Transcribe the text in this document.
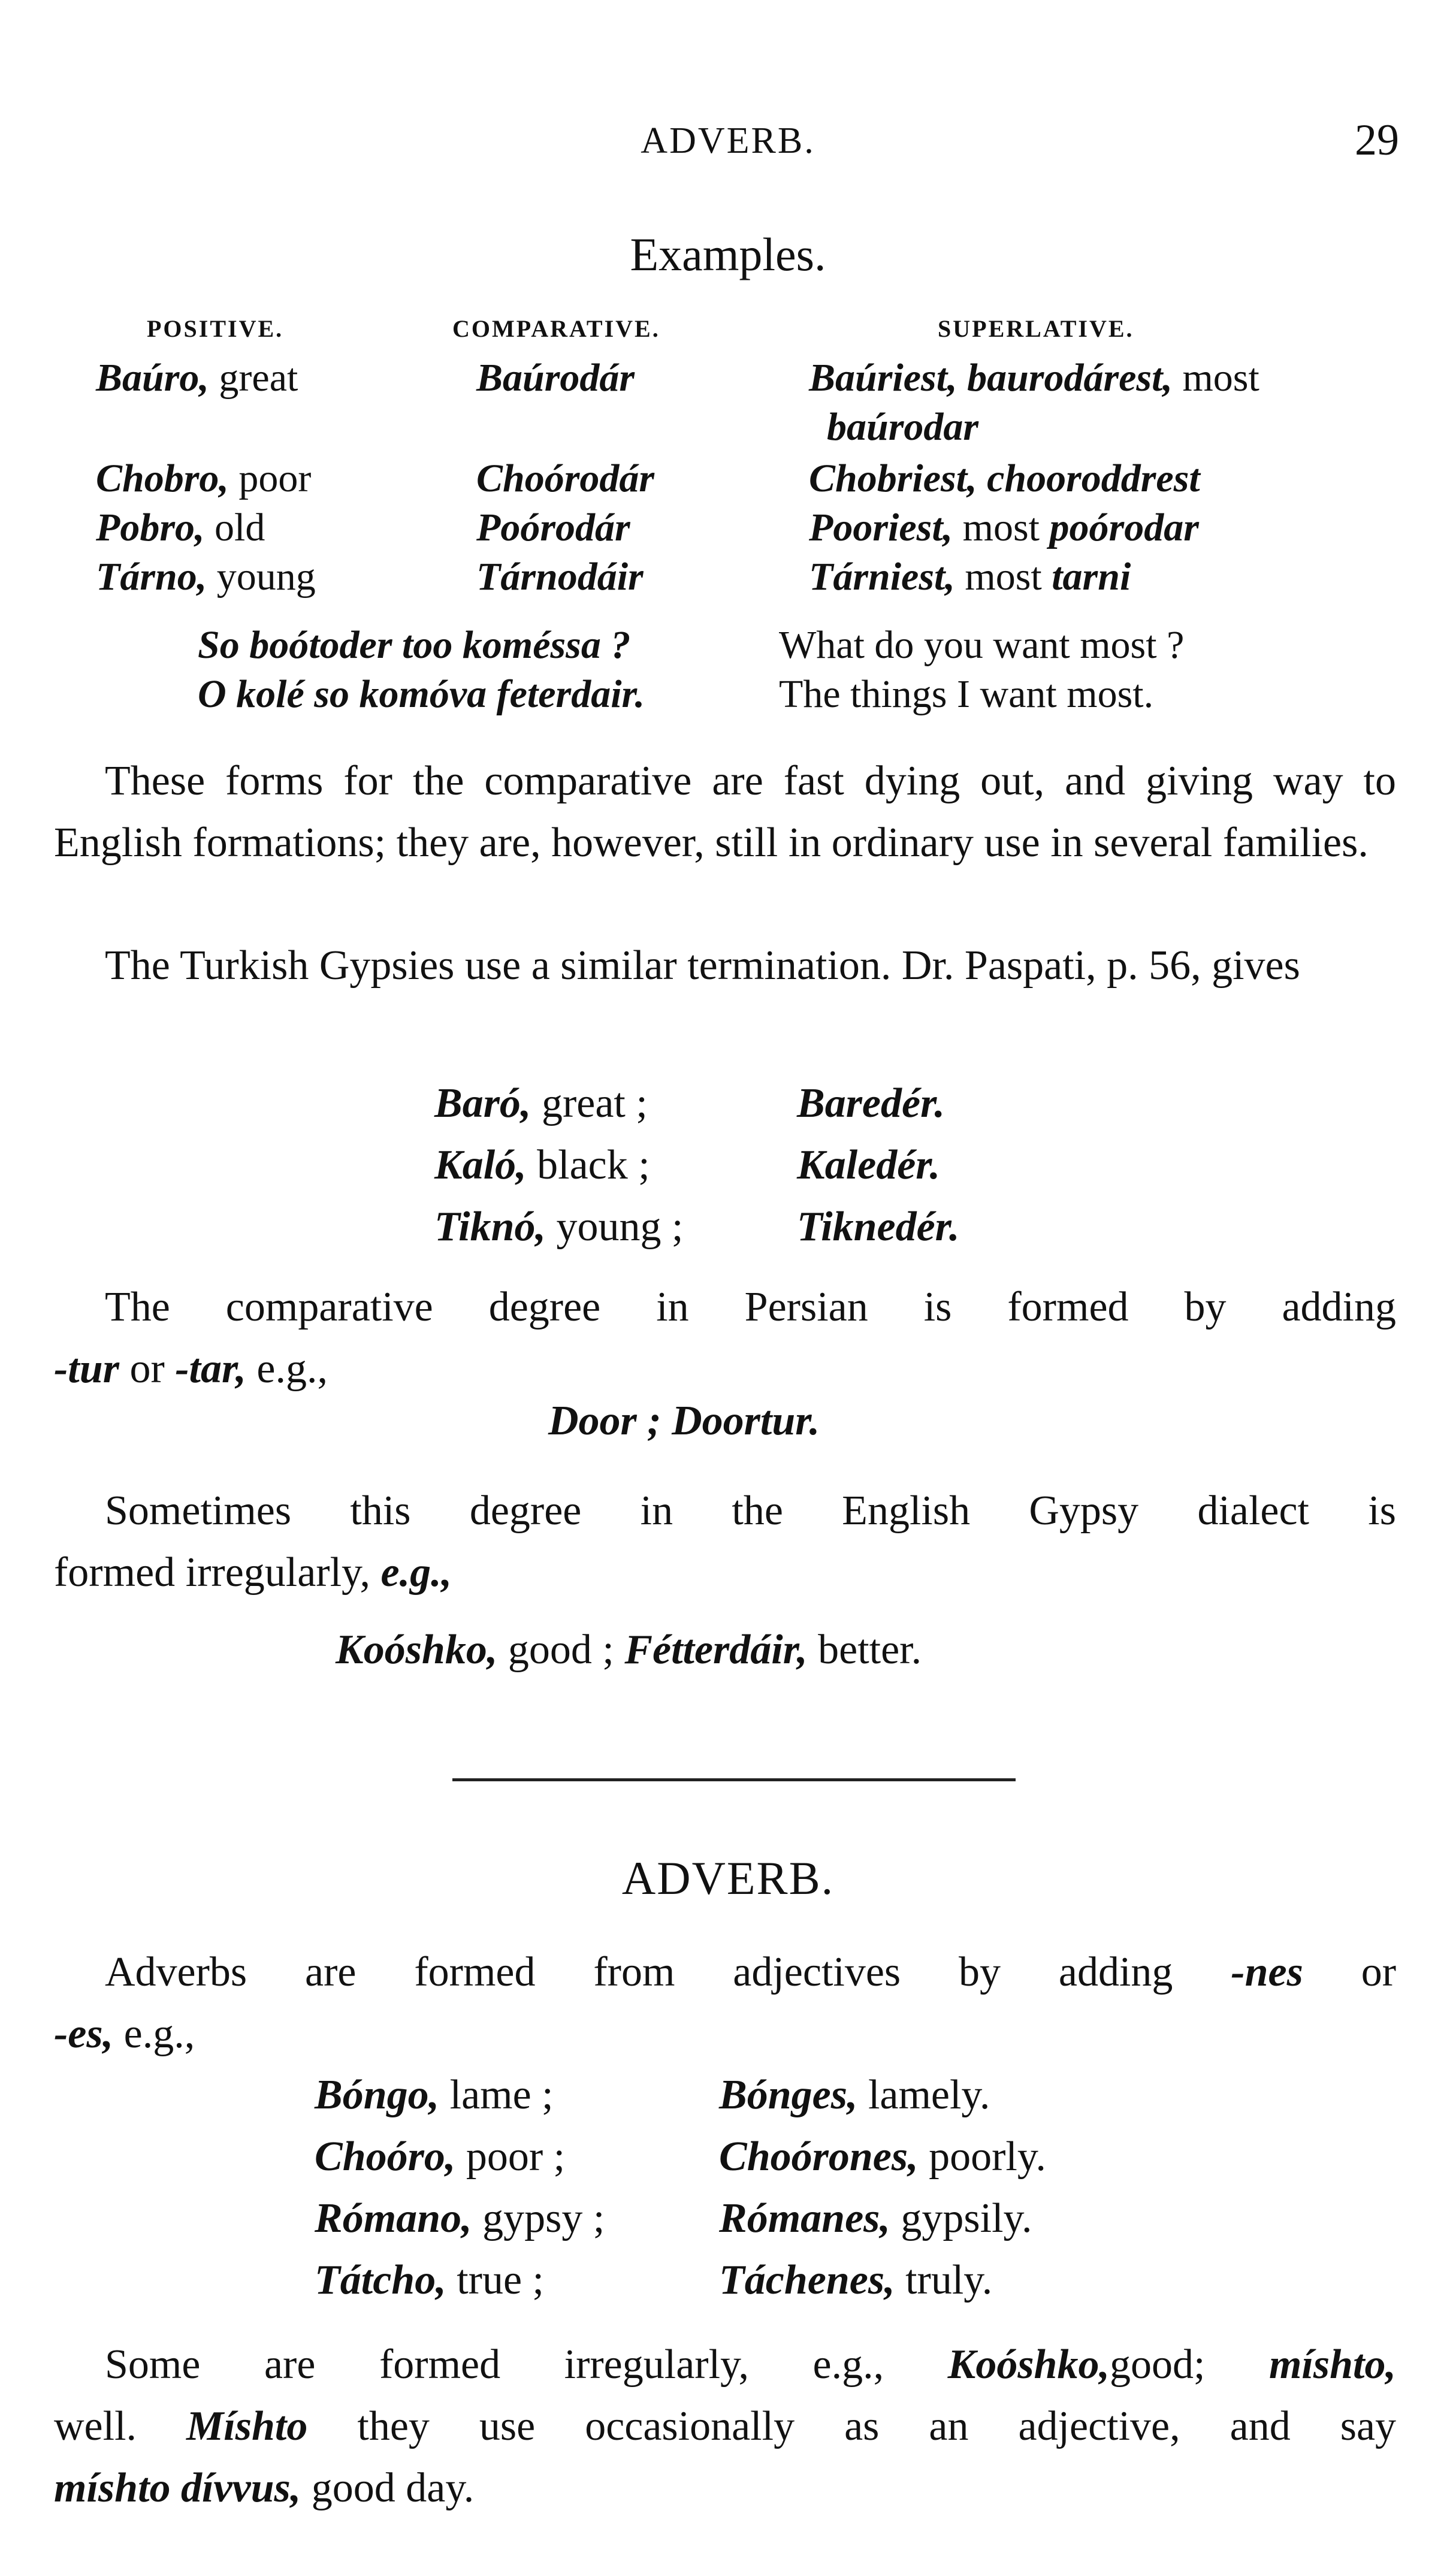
ADVERB.	29
Examples.
POSITIVE.	COMPARATIVE.	SUPERLATIVE.
Baúro, great	Baúrodár	Baúriest, baurodárest, most
baúrodar
Chobro, poor	Choórodár	Chobriest, chooroddrest
Pobro, old	Poórodár	Pooriest, most poórodar
Tárno, young	Tárnodáir	Tárniest, most tarni
So boótoder too koméssa ?	What do you want most ?
O kolé so komóva feterdair.	The things I want most.
These forms for the comparative are fast dying out, and giving way to English formations; they are, however, still in ordinary use in several families.
The Turkish Gypsies use a similar termination. Dr. Paspati, p. 56, gives
Baró, great ;	Baredér.
Kaló, black ;	Kaledér.
Tiknó, young ;	Tiknedér.
The comparative degree in Persian is formed by adding
-tur or -tar, e.g.,
Door ; Doortur.
Sometimes this degree in the English Gypsy dialect is
formed irregularly, e.g.,
Koóshko, good ; Fétterdáir, better.
ADVERB.
Adverbs are formed from adjectives by adding -nes or
-es, e.g.,
Bóngo, lame ;	Bónges, lamely.
Choóro, poor ;	Choórones, poorly.
Rómano, gypsy ;	Rómanes, gypsily.
Tátcho, true ;	Táchenes, truly.
Some are formed irregularly, e.g., Koóshko,good; míshto,
well. Míshto they use occasionally as an adjective, and say
míshto dívvus, good day.
